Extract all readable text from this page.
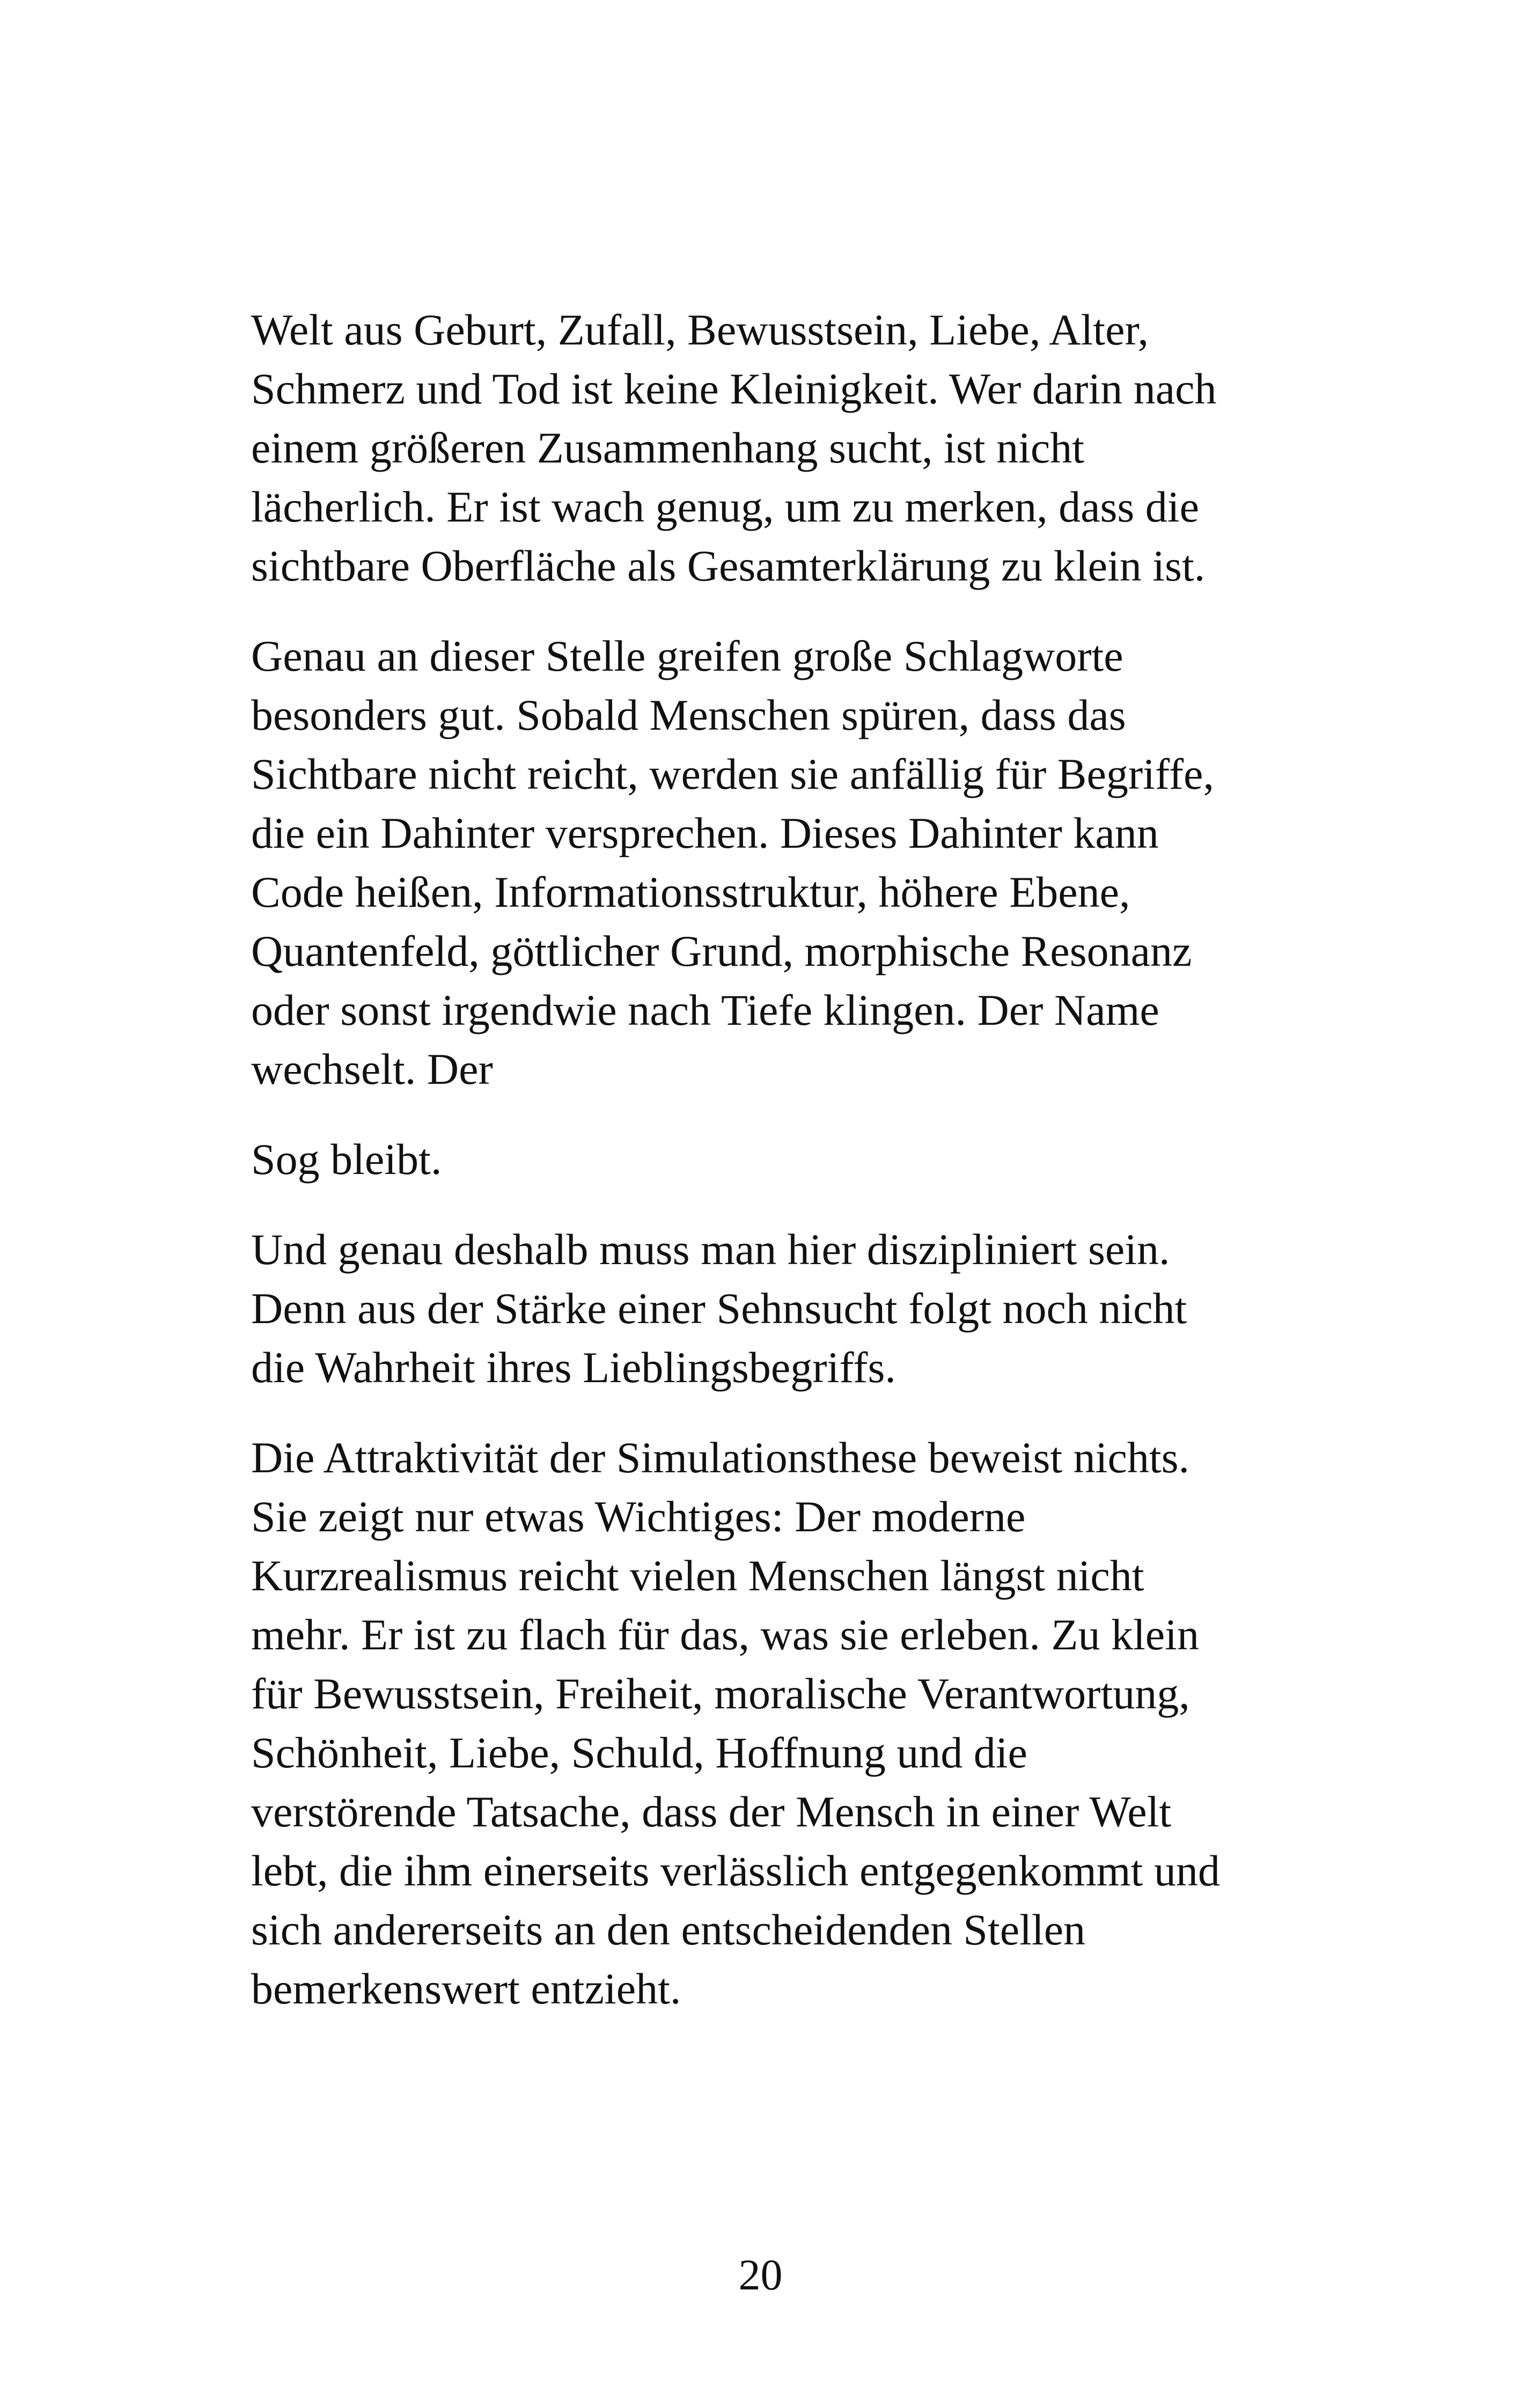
Welt aus Geburt, Zufall, Bewusstsein, Liebe, Alter,
Schmerz und Tod ist keine Kleinigkeit. Wer darin nach
einem größeren Zusammenhang sucht, ist nicht
lächerlich. Er ist wach genug, um zu merken, dass die
sichtbare Oberfläche als Gesamterklärung zu klein ist.

Genau an dieser Stelle greifen große Schlagworte
besonders gut. Sobald Menschen spüren, dass das
Sichtbare nicht reicht, werden sie anfällig für Begriffe,
die ein Dahinter versprechen. Dieses Dahinter kann
Code heißen, Informationsstruktur, höhere Ebene,
Quantenfeld, göttlicher Grund, morphische Resonanz
oder sonst irgendwie nach Tiefe klingen. Der Name
wechselt. Der

Sog bleibt.

Und genau deshalb muss man hier diszipliniert sein.
Denn aus der Stärke einer Sehnsucht folgt noch nicht
die Wahrheit ihres Lieblingsbegriffs.

Die Attraktivität der Simulationsthese beweist nichts.
Sie zeigt nur etwas Wichtiges: Der moderne
Kurzrealismus reicht vielen Menschen längst nicht
mehr. Er ist zu flach für das, was sie erleben. Zu klein
für Bewusstsein, Freiheit, moralische Verantwortung,
Schönheit, Liebe, Schuld, Hoffnung und die
verstörende Tatsache, dass der Mensch in einer Welt
lebt, die ihm einerseits verlässlich entgegenkommt und
sich andererseits an den entscheidenden Stellen
bemerkenswert entzieht.

20
